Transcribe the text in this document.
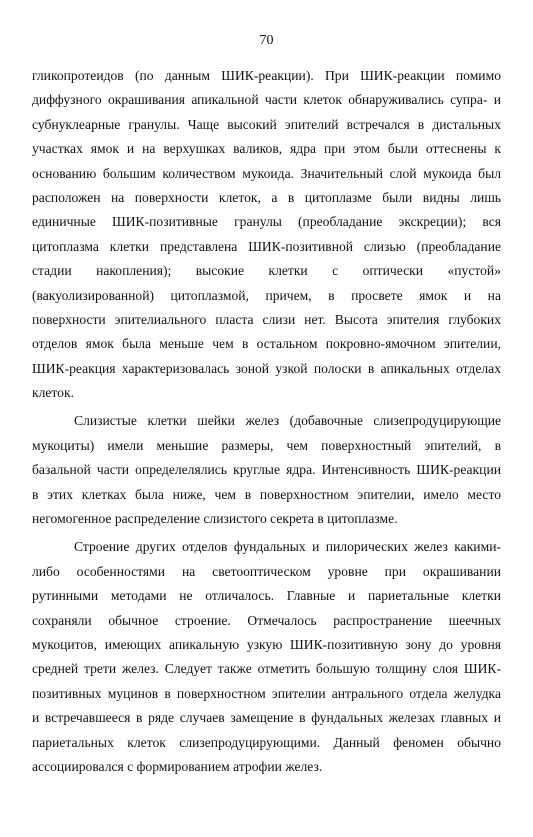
70
гликопротеидов (по данным ШИК-реакции). При ШИК-реакции помимо
диффузного окрашивания апикальной части клеток обнаруживались супра- и
субнуклеарные гранулы. Чаще высокий эпителий встречался в дистальных
участках ямок и на верхушках валиков, ядра при этом были оттеснены к
основанию большим количеством мукоида. Значительный слой мукоида был
расположен на поверхности клеток, а в цитоплазме были видны лишь
единичные ШИК-позитивные гранулы (преобладание экскреции); вся
цитоплазма клетки представлена ШИК-позитивной слизью (преобладание
стадии накопления); высокие клетки с оптически «пустой»
(вакуолизированной) цитоплазмой, причем, в просвете ямок и на
поверхности эпителиального пласта слизи нет. Высота эпителия глубоких
отделов ямок была меньше чем в остальном покровно-ямочном эпителии,
ШИК-реакция характеризовалась зоной узкой полоски в апикальных отделах
клеток.
Слизистые клетки шейки желез (добавочные слизепродуцирующие
мукоциты) имели меньшие размеры, чем поверхностный эпителий, в
базальной части определелялись круглые ядра. Интенсивность ШИК-реакции
в этих клетках была ниже, чем в поверхностном эпителии, имело место
негомогенное распределение слизистого секрета в цитоплазме.
Строение других отделов фундальных и пилорических желез какими-
либо особенностями на светооптическом уровне при окрашивании
рутинными методами не отличалось. Главные и париетальные клетки
сохраняли обычное строение. Отмечалось распространение шеечных
мукоцитов, имеющих апикальную узкую ШИК-позитивную зону до уровня
средней трети желез. Следует также отметить большую толщину слоя ШИК-
позитивных муцинов в поверхностном эпителии антрального отдела желудка
и встречавшееся в ряде случаев замещение в фундальных железах главных и
париетальных клеток слизепродуцирующими. Данный феномен обычно
ассоциировался с формированием атрофии желез.
